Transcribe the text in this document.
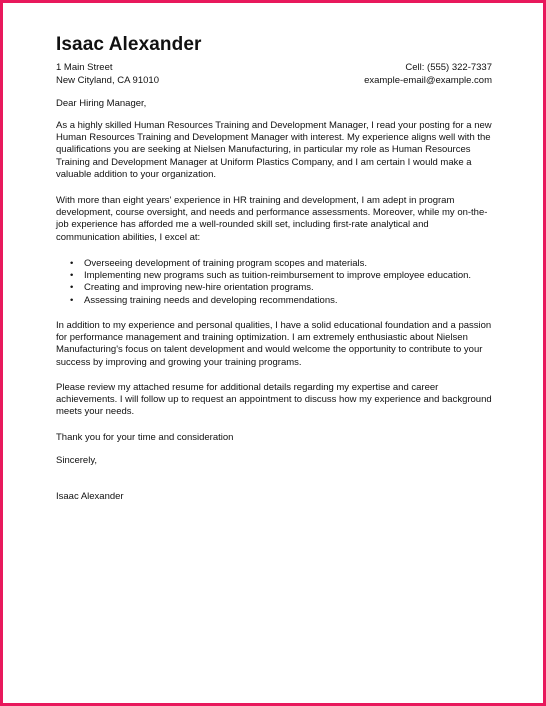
Isaac Alexander
1 Main Street	Cell: (555) 322-7337
New Cityland, CA 91010	example-email@example.com

Dear Hiring Manager,

As a highly skilled Human Resources Training and Development Manager, I read your posting for a new Human Resources Training and Development Manager with interest. My experience aligns well with the qualifications you are seeking at Nielsen Manufacturing, in particular my role as Human Resources Training and Development Manager at Uniform Plastics Company, and I am certain I would make a valuable addition to your organization.

With more than eight years' experience in HR training and development, I am adept in program development, course oversight, and needs and performance assessments. Moreover, while my on-the-job experience has afforded me a well-rounded skill set, including first-rate analytical and communication abilities, I excel at:

• Overseeing development of training program scopes and materials.
• Implementing new programs such as tuition-reimbursement to improve employee education.
• Creating and improving new-hire orientation programs.
• Assessing training needs and developing recommendations.

In addition to my experience and personal qualities, I have a solid educational foundation and a passion for performance management and training optimization. I am extremely enthusiastic about Nielsen Manufacturing's focus on talent development and would welcome the opportunity to contribute to your success by improving and growing your training programs.

Please review my attached resume for additional details regarding my expertise and career achievements. I will follow up to request an appointment to discuss how my experience and background meets your needs.

Thank you for your time and consideration

Sincerely,

Isaac Alexander
